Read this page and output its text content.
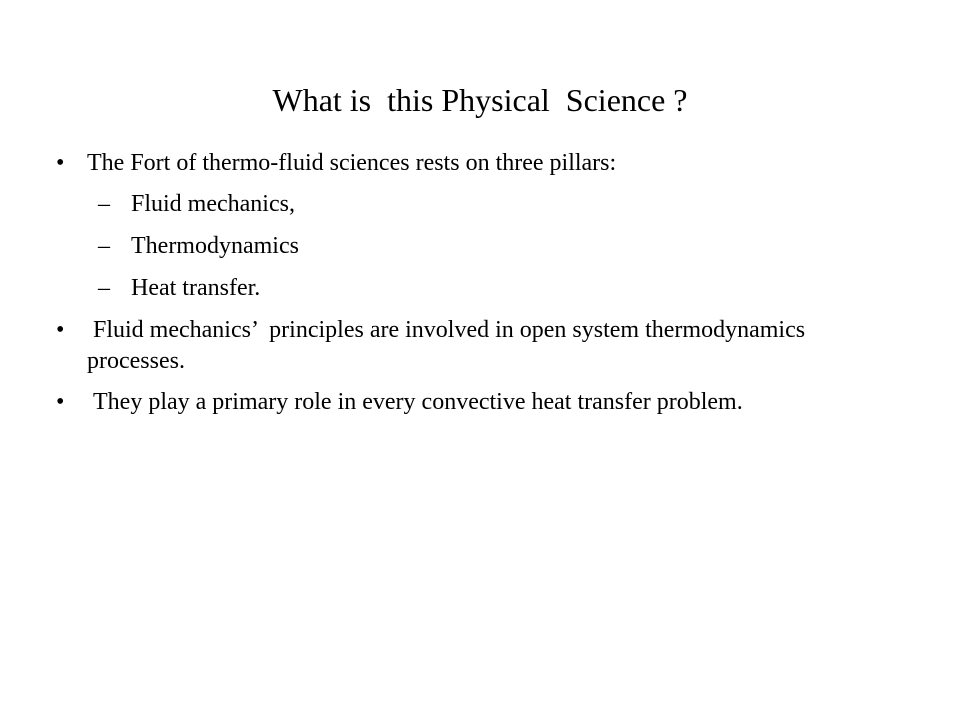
What is  this Physical  Science ?
• The Fort of thermo-fluid sciences rests on three pillars:
– Fluid mechanics,
– Thermodynamics
– Heat transfer.
• Fluid mechanics’  principles are involved in open system thermodynamics processes.
• They play a primary role in every convective heat transfer problem.
